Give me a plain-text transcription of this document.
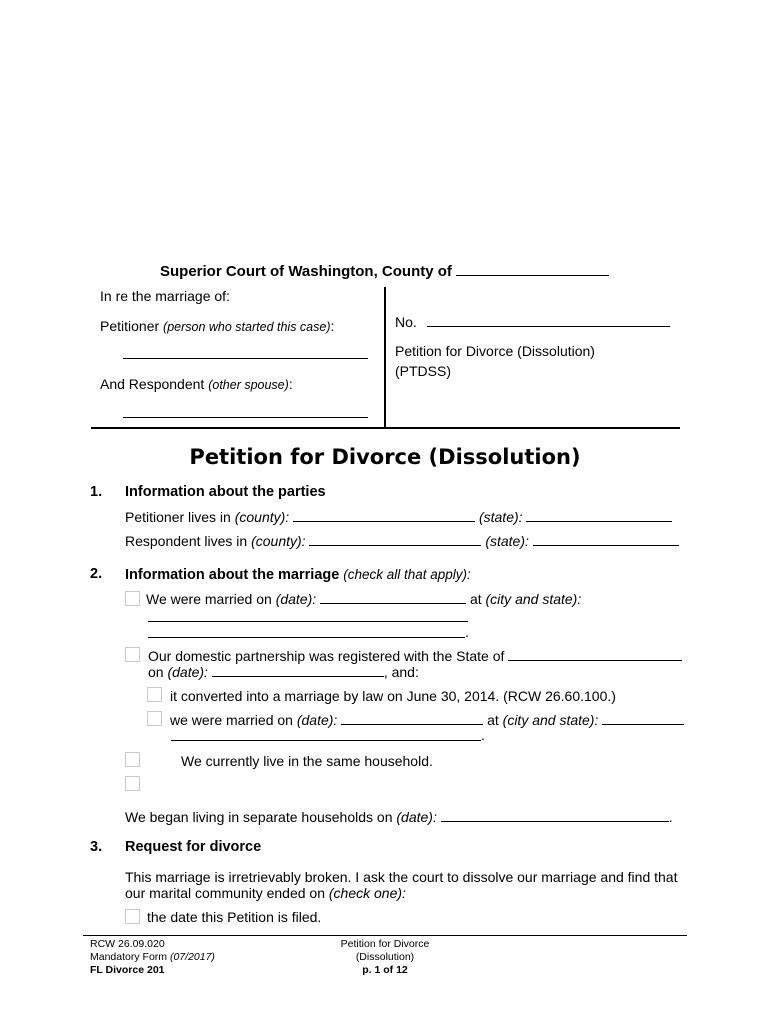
Superior Court of Washington, County of
In re the marriage of:
Petitioner (person who started this case):
And Respondent (other spouse):
No.
Petition for Divorce (Dissolution)
(PTDSS)
Petition for Divorce (Dissolution)
1. Information about the parties
Petitioner lives in (county):	(state):
Respondent lives in (county):	(state):
2. Information about the marriage (check all that apply):
We were married on (date):	at (city and state):
.
Our domestic partnership was registered with the State of
on (date):	, and:
it converted into a marriage by law on June 30, 2014. (RCW 26.60.100.)
we were married on (date):	at (city and state):
.
We currently live in the same household.
We began living in separate households on (date):	.
3. Request for divorce
This marriage is irretrievably broken. I ask the court to dissolve our marriage and find that
our marital community ended on (check one):
the date this Petition is filed.
RCW 26.09.020
Mandatory Form (07/2017)
FL Divorce 201
Petition for Divorce
(Dissolution)
p. 1 of 12
